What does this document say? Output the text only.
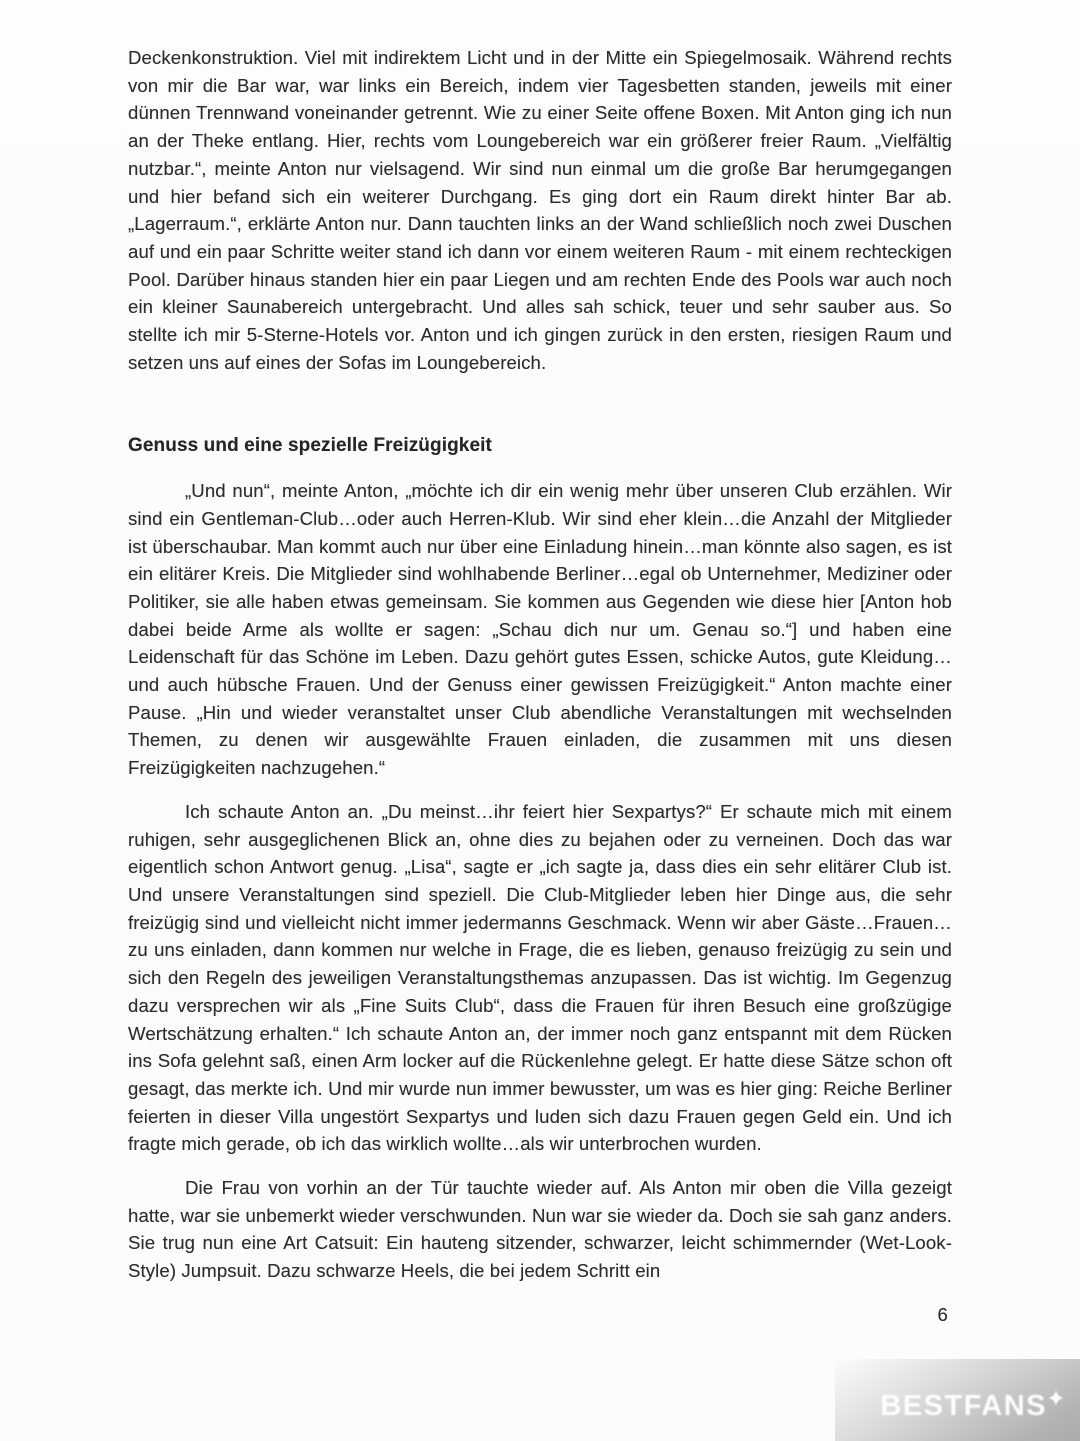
Deckenkonstruktion. Viel mit indirektem Licht und in der Mitte ein Spiegelmosaik. Während rechts von mir die Bar war, war links ein Bereich, indem vier Tagesbetten standen, jeweils mit einer dünnen Trennwand voneinander getrennt. Wie zu einer Seite offene Boxen. Mit Anton ging ich nun an der Theke entlang. Hier, rechts vom Loungebereich war ein größerer freier Raum. „Vielfältig nutzbar.“, meinte Anton nur vielsagend. Wir sind nun einmal um die große Bar herumgegangen und hier befand sich ein weiterer Durchgang. Es ging dort ein Raum direkt hinter Bar ab. „Lagerraum.“, erklärte Anton nur. Dann tauchten links an der Wand schließlich noch zwei Duschen auf und ein paar Schritte weiter stand ich dann vor einem weiteren Raum - mit einem rechteckigen Pool. Darüber hinaus standen hier ein paar Liegen und am rechten Ende des Pools war auch noch ein kleiner Saunabereich untergebracht. Und alles sah schick, teuer und sehr sauber aus. So stellte ich mir 5-Sterne-Hotels vor. Anton und ich gingen zurück in den ersten, riesigen Raum und setzen uns auf eines der Sofas im Loungebereich.

Genuss und eine spezielle Freizügigkeit

„Und nun“, meinte Anton, „möchte ich dir ein wenig mehr über unseren Club erzählen. Wir sind ein Gentleman-Club…oder auch Herren-Klub. Wir sind eher klein…die Anzahl der Mitglieder ist überschaubar. Man kommt auch nur über eine Einladung hinein…man könnte also sagen, es ist ein elitärer Kreis. Die Mitglieder sind wohlhabende Berliner…egal ob Unternehmer, Mediziner oder Politiker, sie alle haben etwas gemeinsam. Sie kommen aus Gegenden wie diese hier [Anton hob dabei beide Arme als wollte er sagen: „Schau dich nur um. Genau so.“] und haben eine Leidenschaft für das Schöne im Leben. Dazu gehört gutes Essen, schicke Autos, gute Kleidung…und auch hübsche Frauen. Und der Genuss einer gewissen Freizügigkeit.“ Anton machte einer Pause. „Hin und wieder veranstaltet unser Club abendliche Veranstaltungen mit wechselnden Themen, zu denen wir ausgewählte Frauen einladen, die zusammen mit uns diesen Freizügigkeiten nachzugehen.“

Ich schaute Anton an. „Du meinst…ihr feiert hier Sexpartys?“ Er schaute mich mit einem ruhigen, sehr ausgeglichenen Blick an, ohne dies zu bejahen oder zu verneinen. Doch das war eigentlich schon Antwort genug. „Lisa“, sagte er „ich sagte ja, dass dies ein sehr elitärer Club ist. Und unsere Veranstaltungen sind speziell. Die Club-Mitglieder leben hier Dinge aus, die sehr freizügig sind und vielleicht nicht immer jedermanns Geschmack. Wenn wir aber Gäste…Frauen…zu uns einladen, dann kommen nur welche in Frage, die es lieben, genauso freizügig zu sein und sich den Regeln des jeweiligen Veranstaltungsthemas anzupassen. Das ist wichtig. Im Gegenzug dazu versprechen wir als „Fine Suits Club“, dass die Frauen für ihren Besuch eine großzügige Wertschätzung erhalten.“ Ich schaute Anton an, der immer noch ganz entspannt mit dem Rücken ins Sofa gelehnt saß, einen Arm locker auf die Rückenlehne gelegt. Er hatte diese Sätze schon oft gesagt, das merkte ich. Und mir wurde nun immer bewusster, um was es hier ging: Reiche Berliner feierten in dieser Villa ungestört Sexpartys und luden sich dazu Frauen gegen Geld ein. Und ich fragte mich gerade, ob ich das wirklich wollte…als wir unterbrochen wurden.

Die Frau von vorhin an der Tür tauchte wieder auf. Als Anton mir oben die Villa gezeigt hatte, war sie unbemerkt wieder verschwunden. Nun war sie wieder da. Doch sie sah ganz anders. Sie trug nun eine Art Catsuit: Ein hauteng sitzender, schwarzer, leicht schimmernder (Wet-Look-Style) Jumpsuit. Dazu schwarze Heels, die bei jedem Schritt ein

6
BESTFANS
